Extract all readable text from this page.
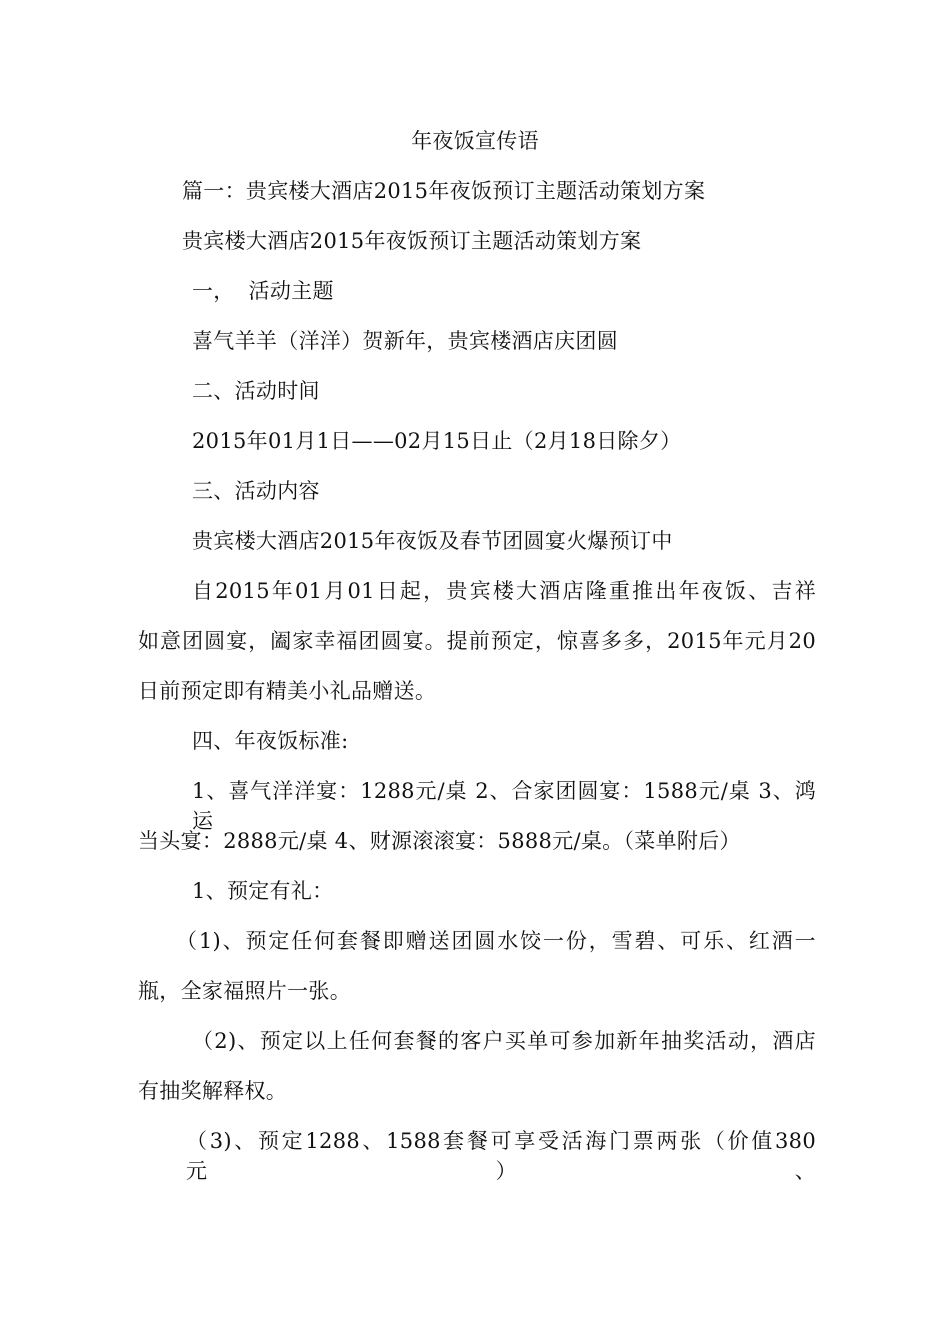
年夜饭宣传语
篇一：贵宾楼大酒店2015年夜饭预订主题活动策划方案
贵宾楼大酒店2015年夜饭预订主题活动策划方案
一，  活动主题
喜气羊羊（洋洋）贺新年，贵宾楼酒店庆团圆
二、活动时间
2015年01月1日——02月15日止（2月18日除夕）
三、活动内容
贵宾楼大酒店2015年夜饭及春节团圆宴火爆预订中
自2015年01月01日起，贵宾楼大酒店隆重推出年夜饭、吉祥
如意团圆宴，阖家幸福团圆宴。提前预定，惊喜多多，2015年元月20
日前预定即有精美小礼品赠送。
四、年夜饭标准:
1、喜气洋洋宴：1288元/桌 2、合家团圆宴：1588元/桌 3、鸿运
当头宴：2888元/桌 4、财源滚滚宴：5888元/桌。（菜单附后）
1、预定有礼：
（1)、预定任何套餐即赠送团圆水饺一份，雪碧、可乐、红酒一
瓶，全家福照片一张。
（2)、预定以上任何套餐的客户买单可参加新年抽奖活动，酒店
有抽奖解释权。
（3)、预定1288、1588套餐可享受活海门票两张（价值380元）、
